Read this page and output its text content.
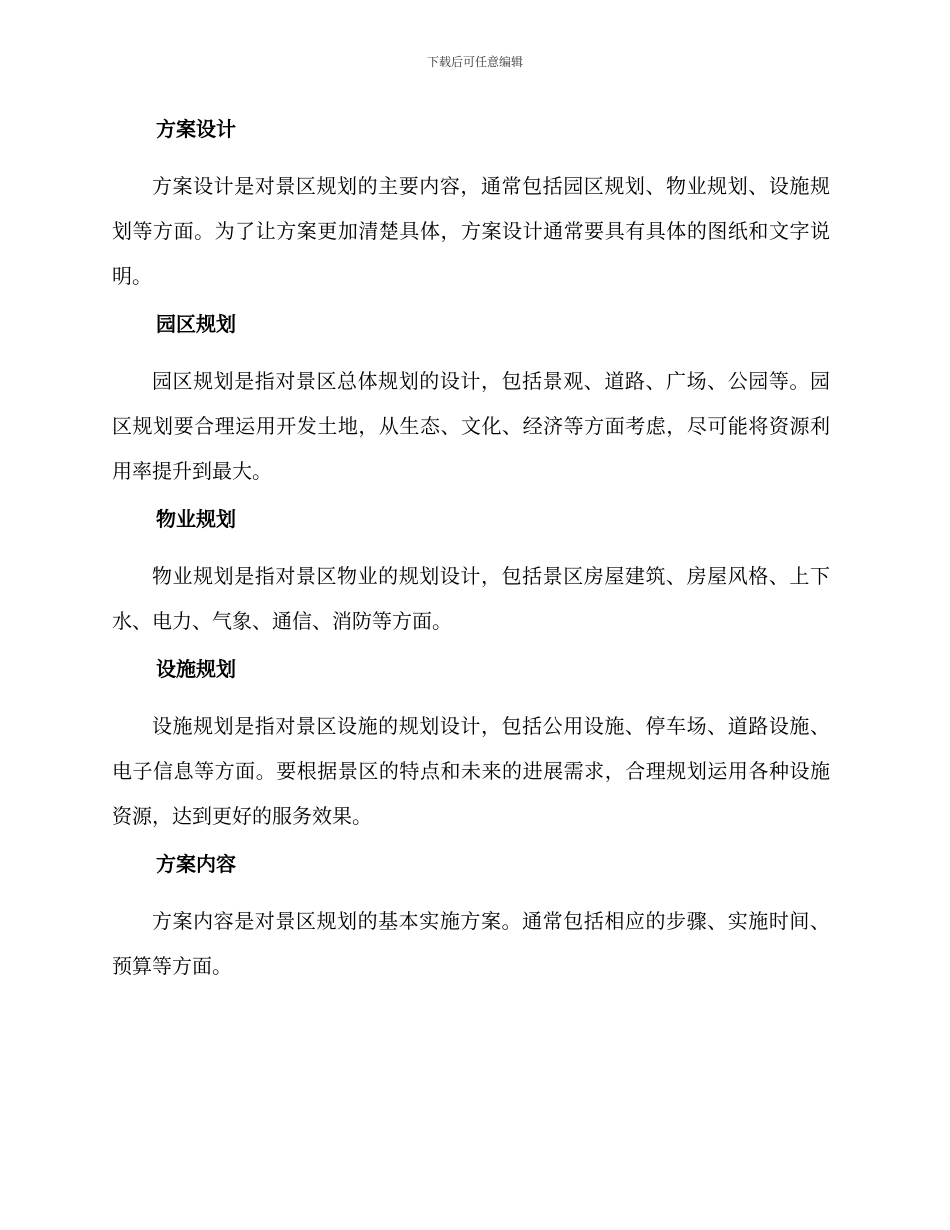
下载后可任意编辑
方案设计

方案设计是对景区规划的主要内容，通常包括园区规划、物业规划、设施规划等方面。为了让方案更加清楚具体，方案设计通常要具有具体的图纸和文字说明。

园区规划

园区规划是指对景区总体规划的设计，包括景观、道路、广场、公园等。园区规划要合理运用开发土地，从生态、文化、经济等方面考虑，尽可能将资源利用率提升到最大。

物业规划

物业规划是指对景区物业的规划设计，包括景区房屋建筑、房屋风格、上下水、电力、气象、通信、消防等方面。

设施规划

设施规划是指对景区设施的规划设计，包括公用设施、停车场、道路设施、电子信息等方面。要根据景区的特点和未来的进展需求，合理规划运用各种设施资源，达到更好的服务效果。

方案内容

方案内容是对景区规划的基本实施方案。通常包括相应的步骤、实施时间、预算等方面。
